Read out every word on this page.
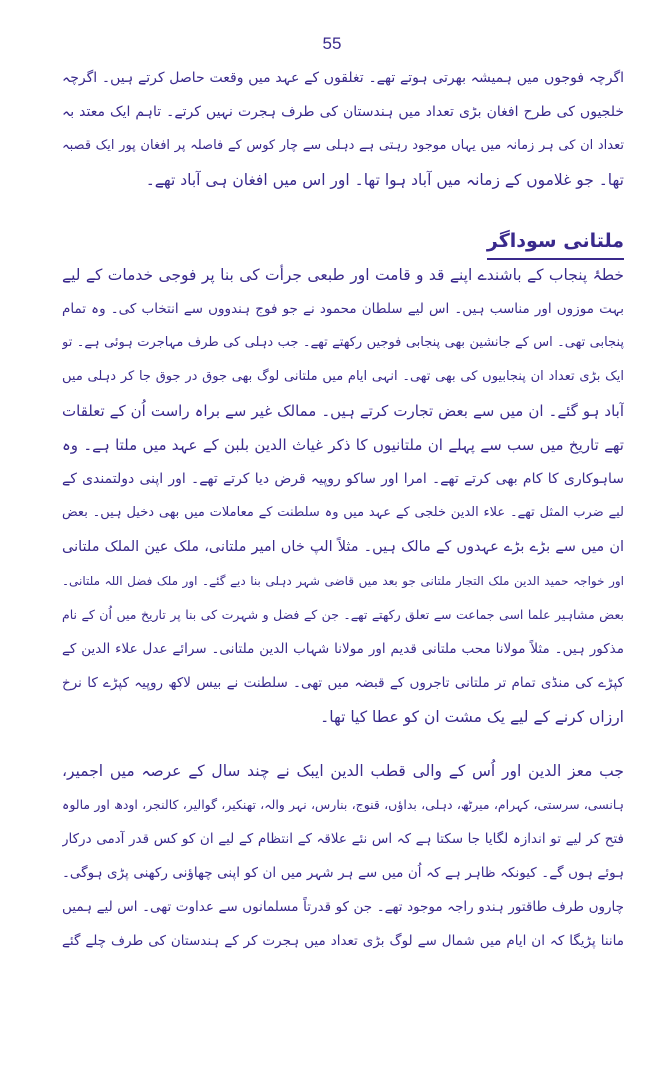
55
اگرچہ فوجوں میں ہمیشہ بھرتی ہوتے تھے۔ تغلقوں کے عہد میں وقعت حاصل کرتے ہیں۔ اگرچہ
خلجیوں کی طرح افغان بڑی تعداد میں ہندستان کی طرف ہجرت نہیں کرتے۔ تاہم ایک معتد بہ
تعداد ان کی ہر زمانہ میں یہاں موجود رہتی ہے دہلی سے چار کوس کے فاصلہ پر افغان پور ایک قصبہ
تھا۔ جو غلاموں کے زمانہ میں آباد ہوا تھا۔ اور اس میں افغان ہی آباد تھے۔
ملتانی سوداگر
خطۂ پنجاب کے باشندے اپنے قد و قامت اور طبعی جرأت کی بنا پر فوجی خدمات کے لیے
بہت موزوں اور مناسب ہیں۔ اس لیے سلطان محمود نے جو فوج ہندووں سے انتخاب کی۔ وہ تمام
پنجابی تھی۔ اس کے جانشین بھی پنجابی فوجیں رکھتے تھے۔ جب دہلی کی طرف مہاجرت ہوئی ہے۔ تو
ایک بڑی تعداد ان پنجابیوں کی بھی تھی۔ انہی ایام میں ملتانی لوگ بھی جوق در جوق جا کر دہلی میں
آباد ہو گئے۔ ان میں سے بعض تجارت کرتے ہیں۔ ممالک غیر سے براہ راست اُن کے تعلقات
تھے تاریخ میں سب سے پہلے ان ملتانیوں کا ذکر غیاث الدین بلبن کے عہد میں ملتا ہے۔ وہ
ساہوکاری کا کام بھی کرتے تھے۔ امرا اور ساکو روپیہ قرض دیا کرتے تھے۔ اور اپنی دولتمندی کے
لیے ضرب المثل تھے۔ علاء الدین خلجی کے عہد میں وہ سلطنت کے معاملات میں بھی دخیل ہیں۔ بعض
ان میں سے بڑے بڑے عہدوں کے مالک ہیں۔ مثلاً الپ خاں امیر ملتانی، ملک عین الملک ملتانی
اور خواجہ حمید الدین ملک التجار ملتانی جو بعد میں قاضی شہر دہلی بنا دیے گئے۔ اور ملک فضل اللہ ملتانی۔
بعض مشاہیر علما اسی جماعت سے تعلق رکھتے تھے۔ جن کے فضل و شہرت کی بنا پر تاریخ میں اُن کے نام
مذکور ہیں۔ مثلاً مولانا محب ملتانی قدیم اور مولانا شہاب الدین ملتانی۔ سرائے عدل علاء الدین کے
کپڑے کی منڈی تمام تر ملتانی تاجروں کے قبضہ میں تھی۔ سلطنت نے بیس لاکھ روپیہ کپڑے کا نرخ
ارزاں کرنے کے لیے یک مشت ان کو عطا کیا تھا۔
جب معز الدین اور اُس کے والی قطب الدین ایبک نے چند سال کے عرصہ میں اجمیر،
ہانسی، سرستی، کہرام، میرٹھ، دہلی، بداؤں، قنوج، بنارس، نہر والہ، تھنکیر، گوالیر، کالنجر، اودھ اور مالوہ
فتح کر لیے تو اندازہ لگایا جا سکتا ہے کہ اس نئے علاقہ کے انتظام کے لیے ان کو کس قدر آدمی درکار
ہوئے ہوں گے۔ کیونکہ ظاہر ہے کہ اُن میں سے ہر شہر میں ان کو اپنی چھاؤنی رکھنی پڑی ہوگی۔
چاروں طرف طاقتور ہندو راجہ موجود تھے۔ جن کو قدرتاً مسلمانوں سے عداوت تھی۔ اس لیے ہمیں
ماننا پڑیگا کہ ان ایام میں شمال سے لوگ بڑی تعداد میں ہجرت کر کے ہندستان کی طرف چلے گئے
